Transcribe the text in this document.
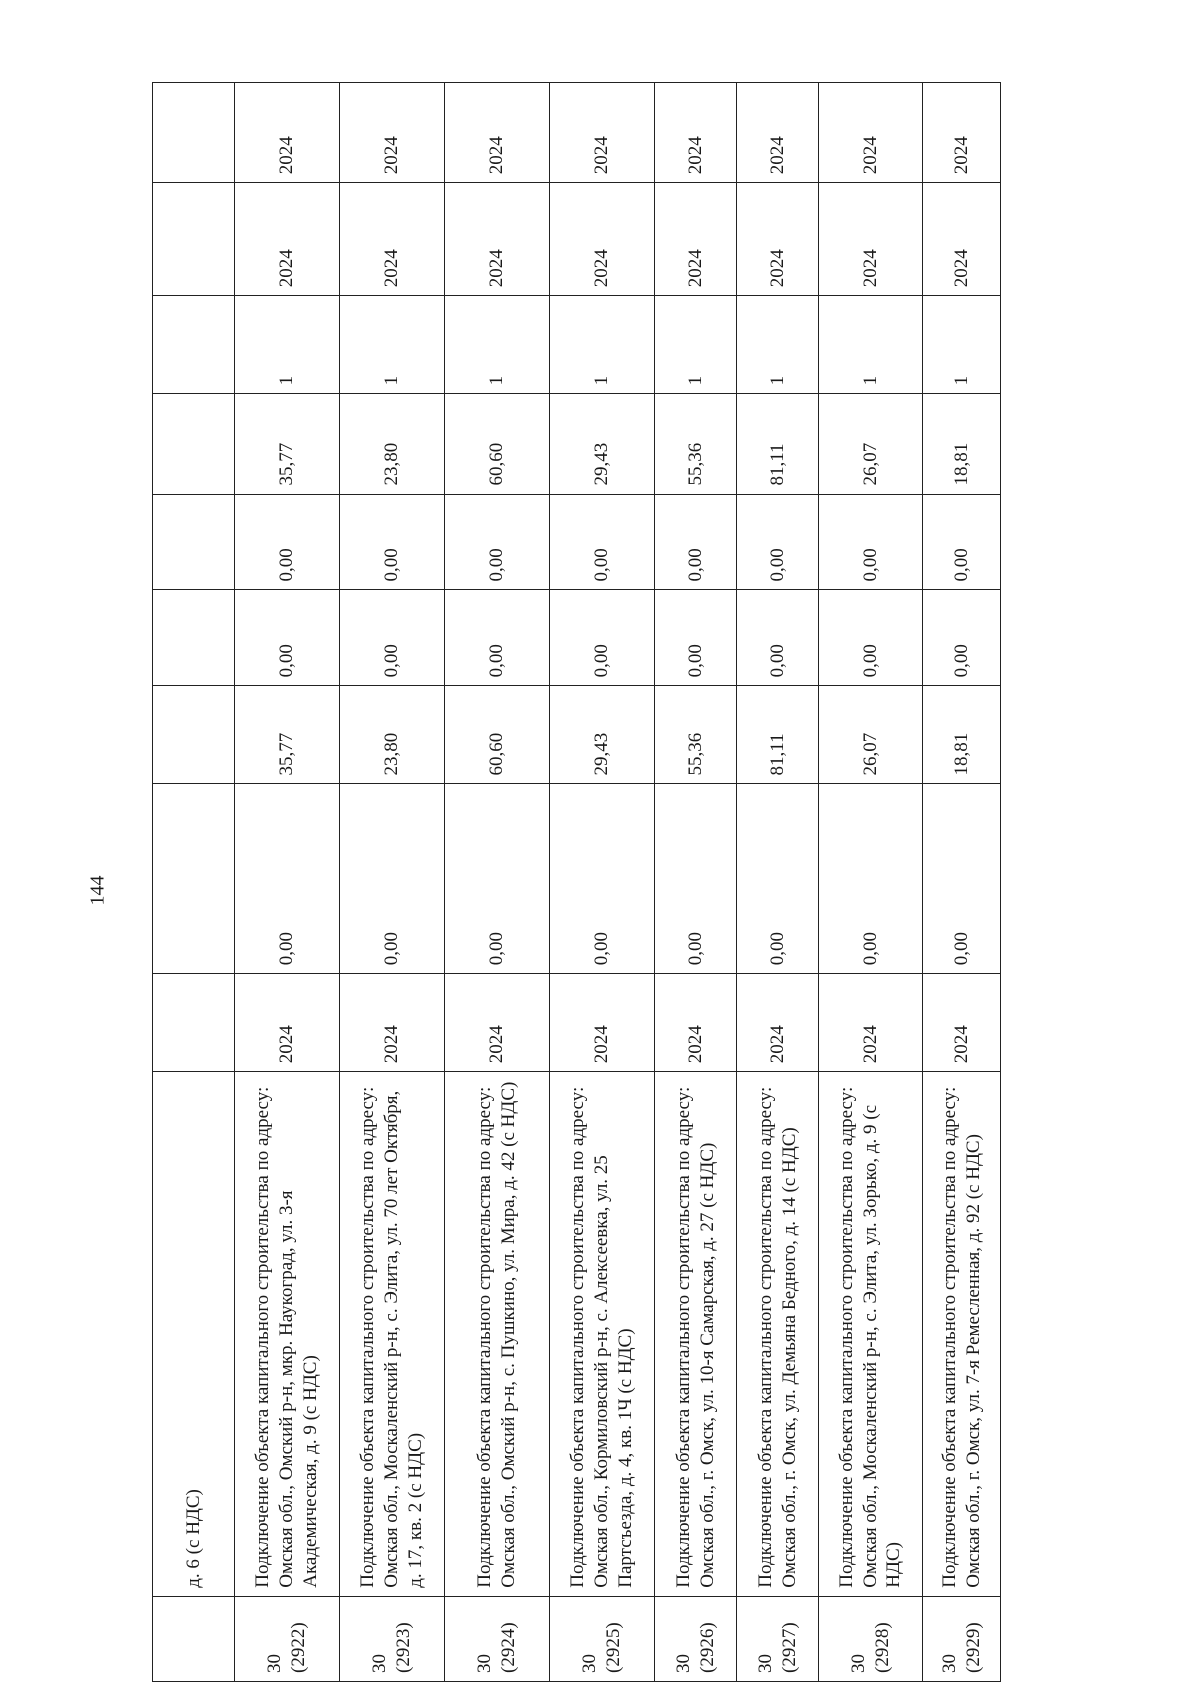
144
	д. 6 (с НДС)									

30 (2922)	Подключение объекта капитального строительства по адресу: Омская обл., Омский р-н, мкр. Наукоград, ул. 3-я Академическая, д. 9 (с НДС)	2024	0,00	35,77	0,00	0,00	35,77	1	2024	2024

30 (2923)	Подключение объекта капитального строительства по адресу: Омская обл., Москаленский р-н, с. Элита, ул. 70 лет Октября, д. 17, кв. 2 (с НДС)	2024	0,00	23,80	0,00	0,00	23,80	1	2024	2024

30 (2924)	Подключение объекта капитального строительства по адресу: Омская обл., Омский р-н, с. Пушкино, ул. Мира, д. 42 (с НДС)	2024	0,00	60,60	0,00	0,00	60,60	1	2024	2024

30 (2925)	Подключение объекта капитального строительства по адресу: Омская обл., Кормиловский р-н, с. Алексеевка, ул. 25 Партсъезда, д. 4, кв. 1Ч (с НДС)	2024	0,00	29,43	0,00	0,00	29,43	1	2024	2024

30 (2926)	Подключение объекта капитального строительства по адресу: Омская обл., г. Омск, ул. 10-я Самарская, д. 27 (с НДС)	2024	0,00	55,36	0,00	0,00	55,36	1	2024	2024

30 (2927)	Подключение объекта капитального строительства по адресу: Омская обл., г. Омск, ул. Демьяна Бедного, д. 14 (с НДС)	2024	0,00	81,11	0,00	0,00	81,11	1	2024	2024

30 (2928)	Подключение объекта капитального строительства по адресу: Омская обл., Москаленский р-н, с. Элита, ул. Зорько, д. 9 (с НДС)	2024	0,00	26,07	0,00	0,00	26,07	1	2024	2024

30 (2929)	Подключение объекта капитального строительства по адресу: Омская обл., г. Омск, ул. 7-я Ремесленная, д. 92 (с НДС)	2024	0,00	18,81	0,00	0,00	18,81	1	2024	2024
